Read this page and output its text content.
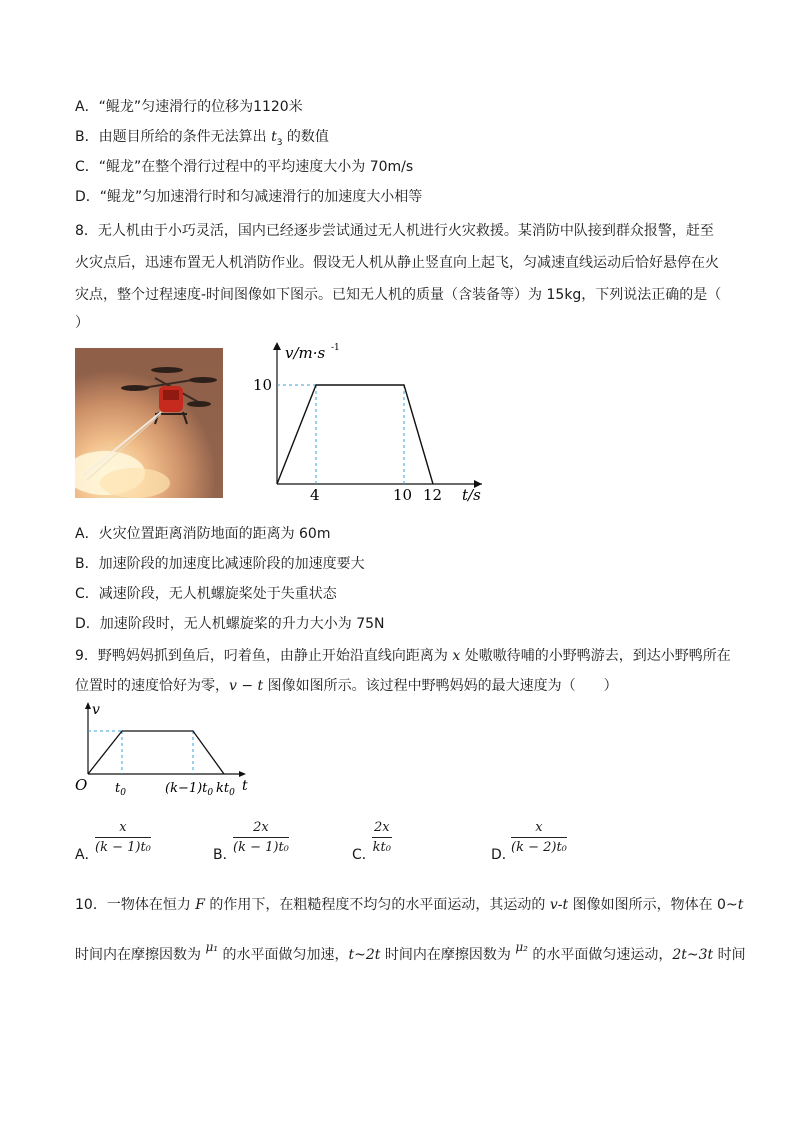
A．“鲲龙”匀速滑行的位移为1120米
B．由题目所给的条件无法算出 $t_3$ 的数值
C．“鲲龙”在整个滑行过程中的平均速度大小为 70m/s
D．“鲲龙”匀加速滑行时和匀减速滑行的加速度大小相等
8．无人机由于小巧灵活，国内已经逐步尝试通过无人机进行火灾救援。某消防中队接到群众报警，赶至
火灾点后，迅速布置无人机消防作业。假设无人机从静止竖直向上起飞，匀减速直线运动后恰好悬停在火
灾点，整个过程速度-时间图像如下图示。已知无人机的质量（含装备等）为 15kg，下列说法正确的是（
）
v/m·s -1
10
4	10 12 t/s
A．火灾位置距离消防地面的距离为 60m
B．加速阶段的加速度比减速阶段的加速度要大
C．减速阶段，无人机螺旋桨处于失重状态
D．加速阶段时，无人机螺旋桨的升力大小为 75N
9．野鸭妈妈抓到鱼后，叼着鱼，由静止开始沿直线向距离为 x 处嗷嗷待哺的小野鸭游去，到达小野鸭所在
位置时的速度恰好为零，v − t 图像如图所示。该过程中野鸭妈妈的最大速度为（　　）
v
O $t_0$	$(k-1)t_0$ $kt_0$ t
A．
$\frac{x}{\text{(k − 1)t₀}}$	B．
$\frac{2x}{\text{(k − 1)t₀}}$	C．
$\frac{2x}{\text{kt₀}}$	D．
$\frac{x}{\text{(k − 2)t₀}}$
10．一物体在恒力 F 的作用下，在粗糙程度不均匀的水平面运动，其运动的 v-t 图像如图所示，物体在 0~t
时间内在摩擦因数为 μ₁ 的水平面做匀加速，t~2t 时间内在摩擦因数为 μ₂ 的水平面做匀速运动，2t~3t 时间
